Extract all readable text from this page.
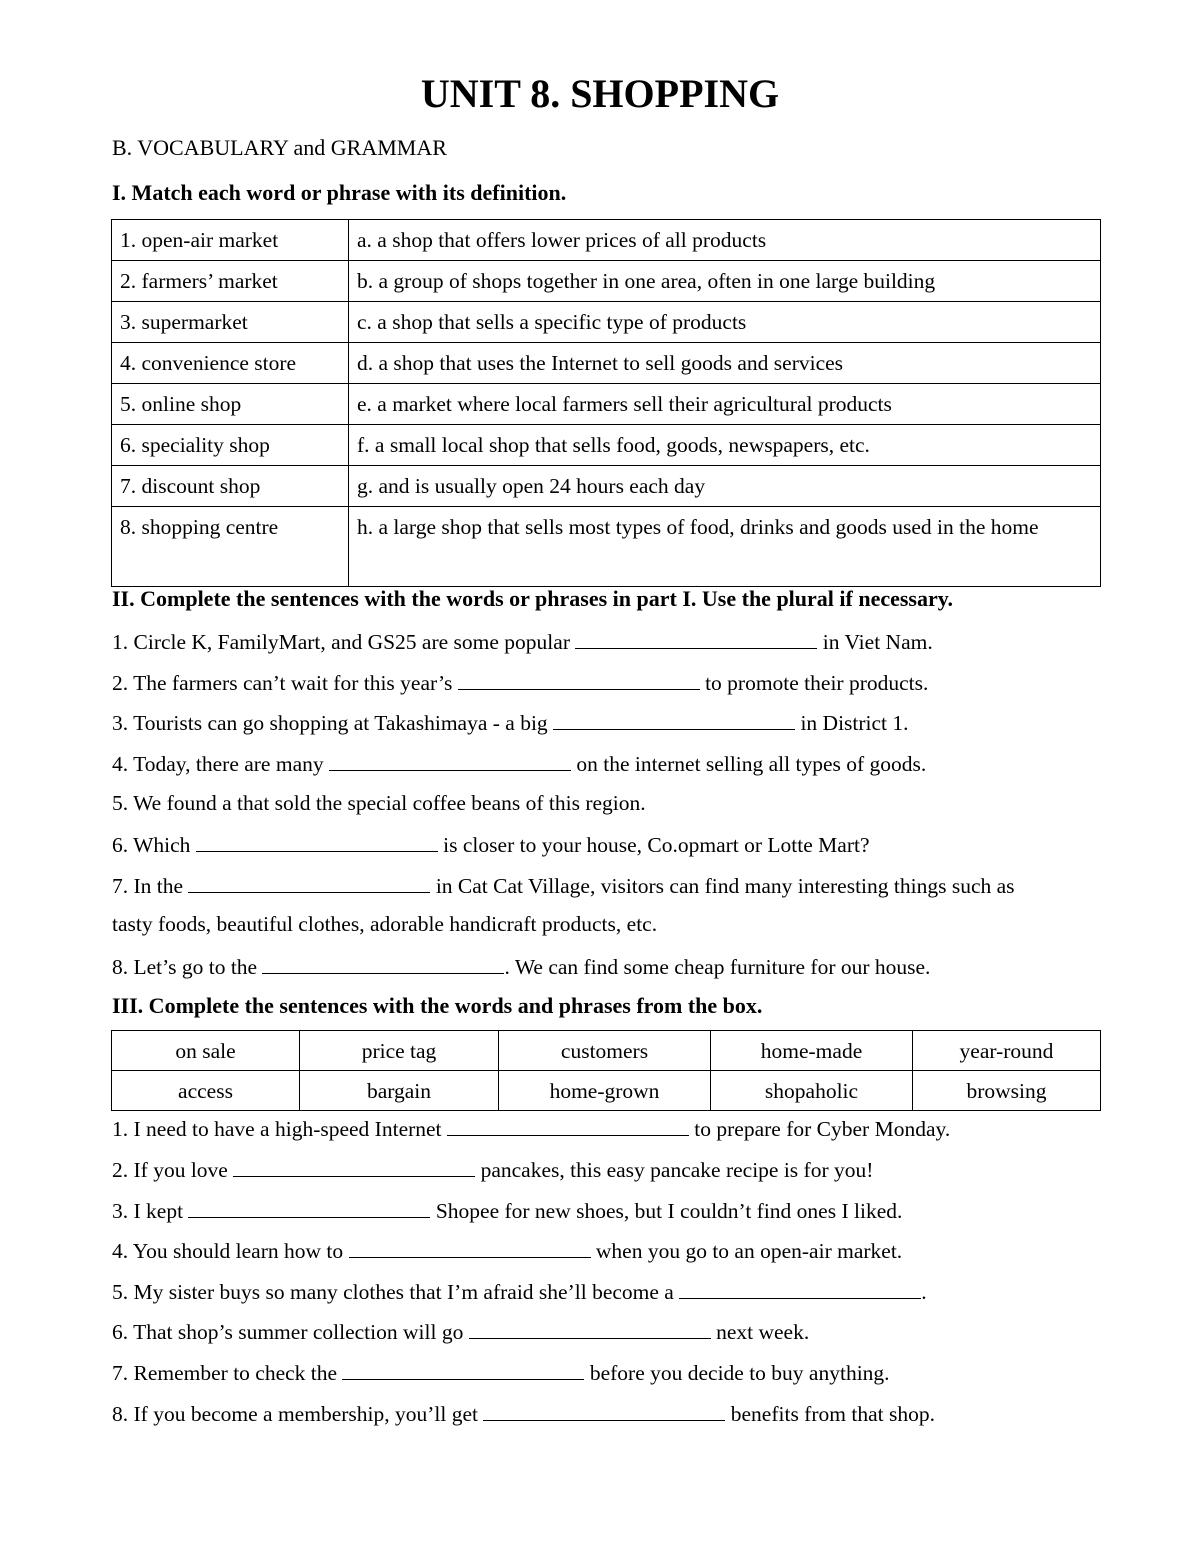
UNIT 8. SHOPPING
B. VOCABULARY and GRAMMAR
I. Match each word or phrase with its definition.
1. open-air market	a. a shop that offers lower prices of all products
2. farmers’ market	b. a group of shops together in one area, often in one large building
3. supermarket	c. a shop that sells a specific type of products
4. convenience store	d. a shop that uses the Internet to sell goods and services
5. online shop	e. a market where local farmers sell their agricultural products
6. speciality shop	f. a small local shop that sells food, goods, newspapers, etc.
7. discount shop	g. and is usually open 24 hours each day
8. shopping centre	h. a large shop that sells most types of food, drinks and goods used in the home
II. Complete the sentences with the words or phrases in part I. Use the plural if necessary.
1. Circle K, FamilyMart, and GS25 are some popular	in Viet Nam.
2. The farmers can’t wait for this year’s	to promote their products.
3. Tourists can go shopping at Takashimaya - a big	in District 1.
4. Today, there are many	on the internet selling all types of goods.
5. We found a that sold the special coffee beans of this region.
6. Which	is closer to your house, Co.opmart or Lotte Mart?
7. In the	in Cat Cat Village, visitors can find many interesting things such as
tasty foods, beautiful clothes, adorable handicraft products, etc.
8. Let’s go to the	. We can find some cheap furniture for our house.
III. Complete the sentences with the words and phrases from the box.
on sale	price tag	customers	home-made	year-round
access	bargain	home-grown	shopaholic	browsing
1. I need to have a high-speed Internet	to prepare for Cyber Monday.
2. If you love	pancakes, this easy pancake recipe is for you!
3. I kept	Shopee for new shoes, but I couldn’t find ones I liked.
4. You should learn how to	when you go to an open-air market.
5. My sister buys so many clothes that I’m afraid she’ll become a	.
6. That shop’s summer collection will go	next week.
7. Remember to check the	before you decide to buy anything.
8. If you become a membership, you’ll get	benefits from that shop.
